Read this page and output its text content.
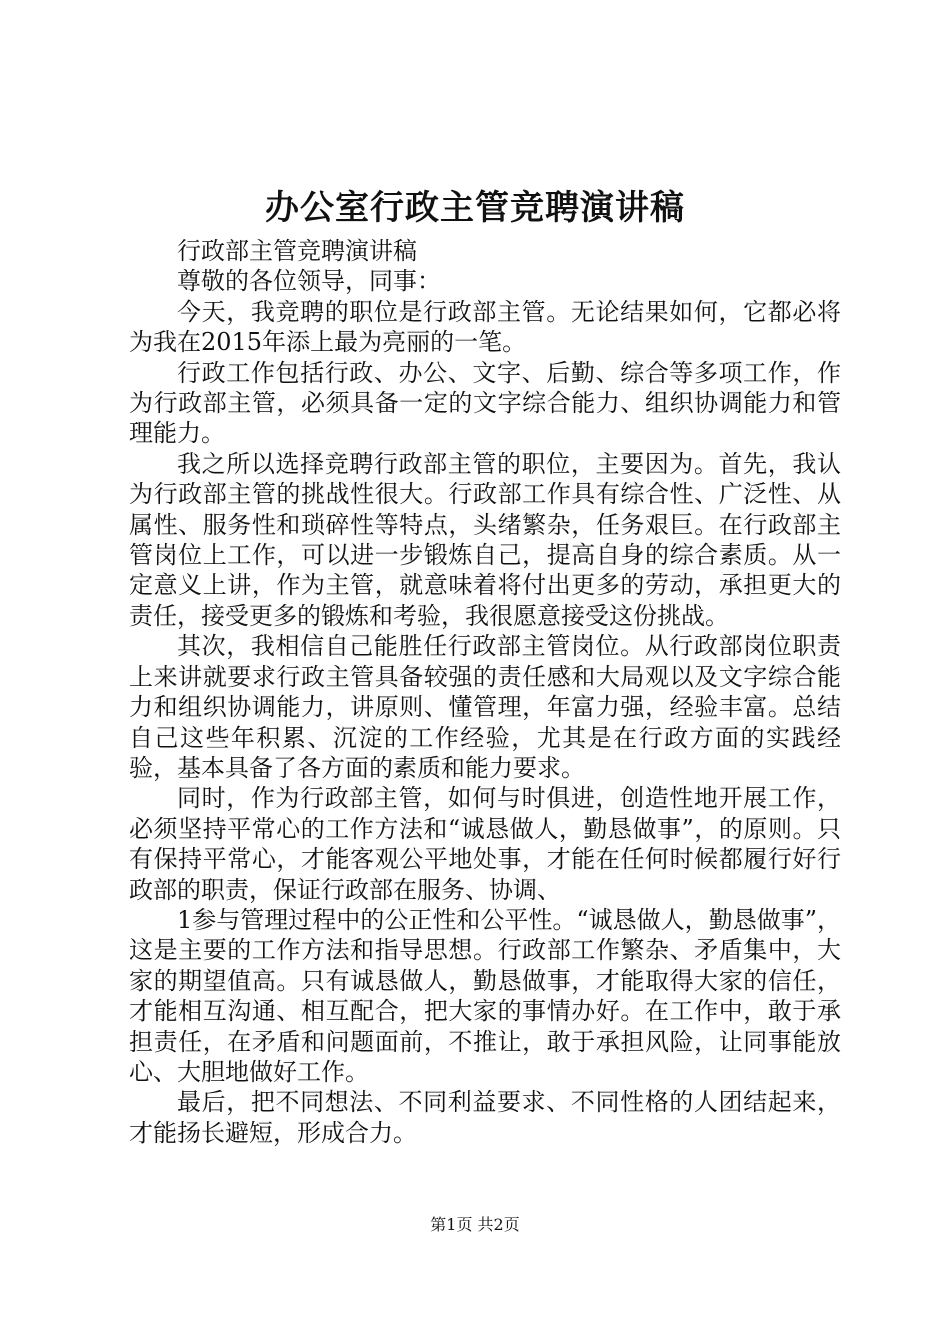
办公室行政主管竞聘演讲稿

行政部主管竞聘演讲稿

尊敬的各位领导，同事：

今天，我竞聘的职位是行政部主管。无论结果如何，它都必将为我在2015年添上最为亮丽的一笔。

行政工作包括行政、办公、文字、后勤、综合等多项工作，作为行政部主管，必须具备一定的文字综合能力、组织协调能力和管理能力。

我之所以选择竞聘行政部主管的职位，主要因为。首先，我认为行政部主管的挑战性很大。行政部工作具有综合性、广泛性、从属性、服务性和琐碎性等特点，头绪繁杂，任务艰巨。在行政部主管岗位上工作，可以进一步锻炼自己，提高自身的综合素质。从一定意义上讲，作为主管，就意味着将付出更多的劳动，承担更大的责任，接受更多的锻炼和考验，我很愿意接受这份挑战。

其次，我相信自己能胜任行政部主管岗位。从行政部岗位职责上来讲就要求行政主管具备较强的责任感和大局观以及文字综合能力和组织协调能力，讲原则、懂管理，年富力强，经验丰富。总结自己这些年积累、沉淀的工作经验，尤其是在行政方面的实践经验，基本具备了各方面的素质和能力要求。

同时，作为行政部主管，如何与时俱进，创造性地开展工作，必须坚持平常心的工作方法和“诚恳做人，勤恳做事”，的原则。只有保持平常心，才能客观公平地处事，才能在任何时候都履行好行政部的职责，保证行政部在服务、协调、

1参与管理过程中的公正性和公平性。“诚恳做人，勤恳做事”，这是主要的工作方法和指导思想。行政部工作繁杂、矛盾集中，大家的期望值高。只有诚恳做人，勤恳做事，才能取得大家的信任，才能相互沟通、相互配合，把大家的事情办好。在工作中，敢于承担责任，在矛盾和问题面前，不推让，敢于承担风险，让同事能放心、大胆地做好工作。

最后，把不同想法、不同利益要求、不同性格的人团结起来，才能扬长避短，形成合力。

第1页 共2页
